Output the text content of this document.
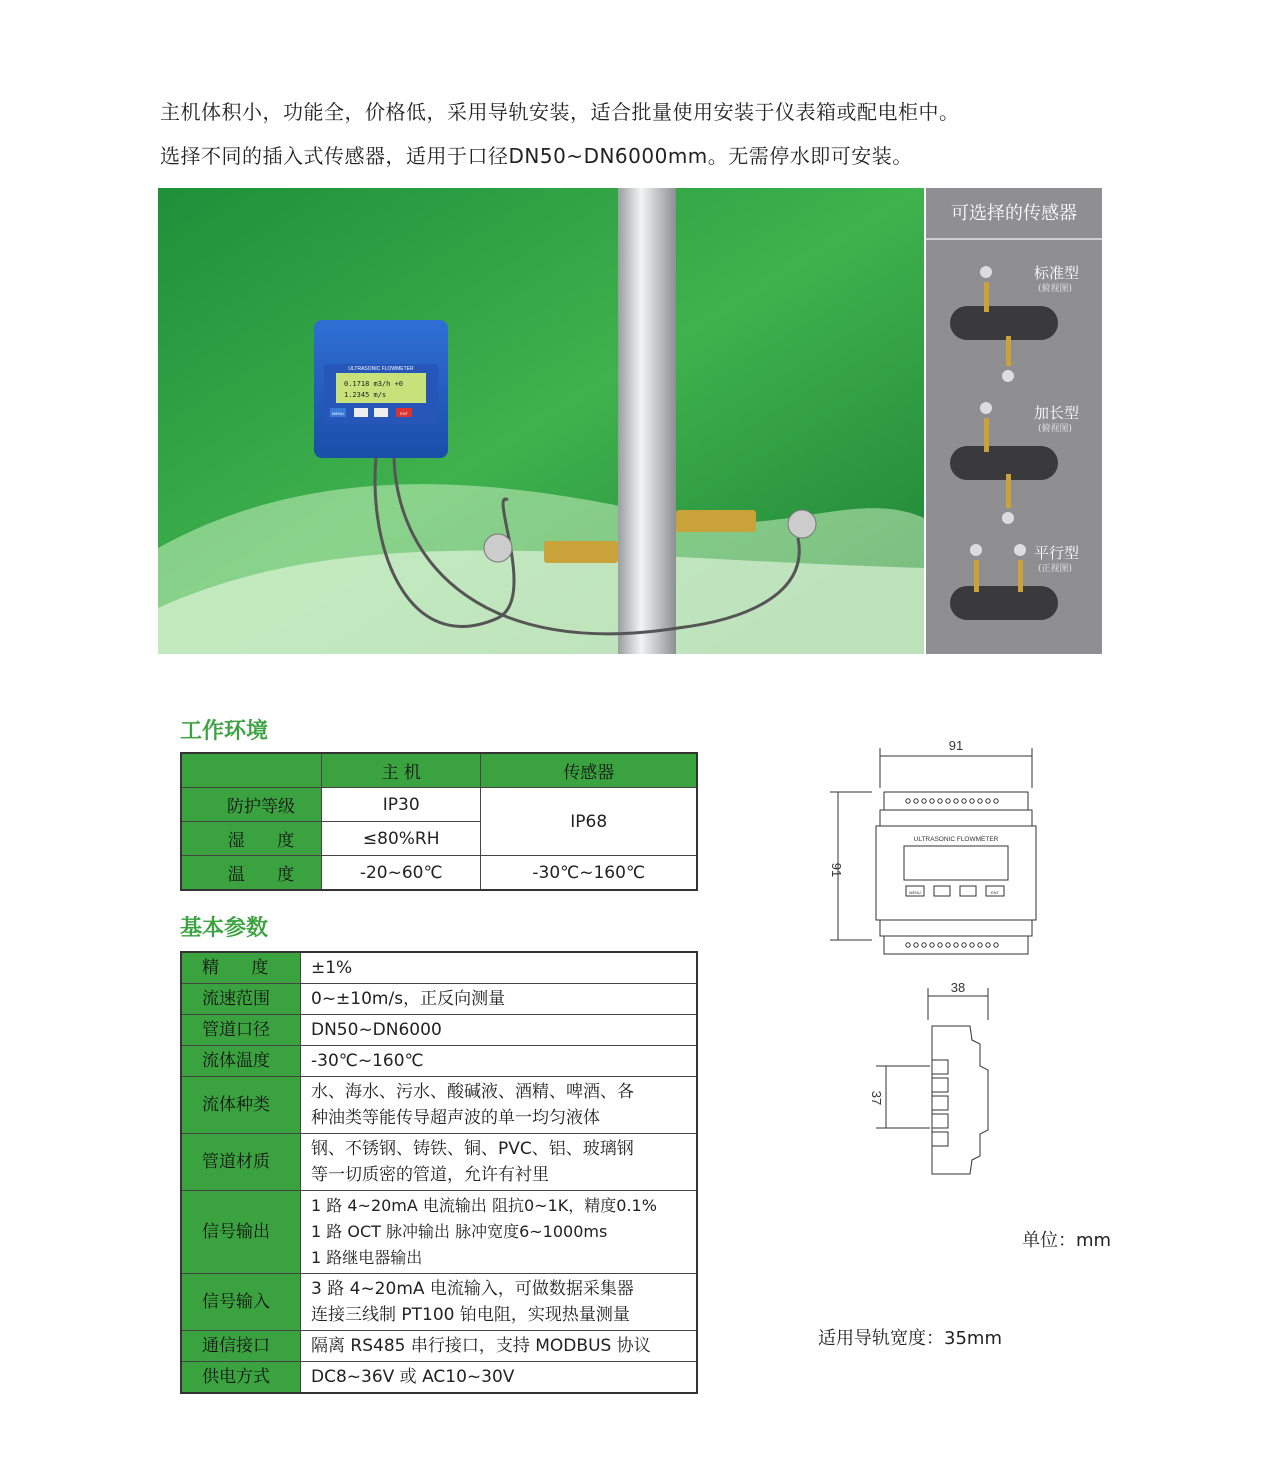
主机体积小，功能全，价格低，采用导轨安装，适合批量使用安装于仪表箱或配电柜中。
选择不同的插入式传感器，适用于口径DN50~DN6000mm。无需停水即可安装。
ULTRASONIC FLOWMETER
0.1718 m3/h +0
1.2345 m/s
MENU	ENT
可选择的传感器
标准型
(俯视图)
加长型
(俯视图)
平行型
(正视图)
工作环境
	主 机	传感器
防护等级	IP30	IP68
湿      度	≤80%RH	
温      度	-20~60℃	-30℃~160℃
基本参数
精      度	±1%

流速范围	0~±10m/s，正反向测量

管道口径	DN50~DN6000

流体温度	-30℃~160℃

流体种类	水、海水、污水、酸碱液、酒精、啤酒、各
种油类等能传导超声波的单一均匀液体

管道材质	钢、不锈钢、铸铁、铜、PVC、铝、玻璃钢
等一切质密的管道，允许有衬里

信号输出	1 路 4~20mA 电流输出 阻抗0~1K，精度0.1%
1 路 OCT 脉冲输出 脉冲宽度6~1000ms
1 路继电器输出

信号输入	3 路 4~20mA 电流输入，可做数据采集器
连接三线制 PT100 铂电阻，实现热量测量

通信接口	隔离 RS485 串行接口，支持 MODBUS 协议

供电方式	DC8~36V 或 AC10~30V
91
91
ULTRASONIC FLOWMETER
MENU	ENT
38
37
单位：mm
适用导轨宽度：35mm
